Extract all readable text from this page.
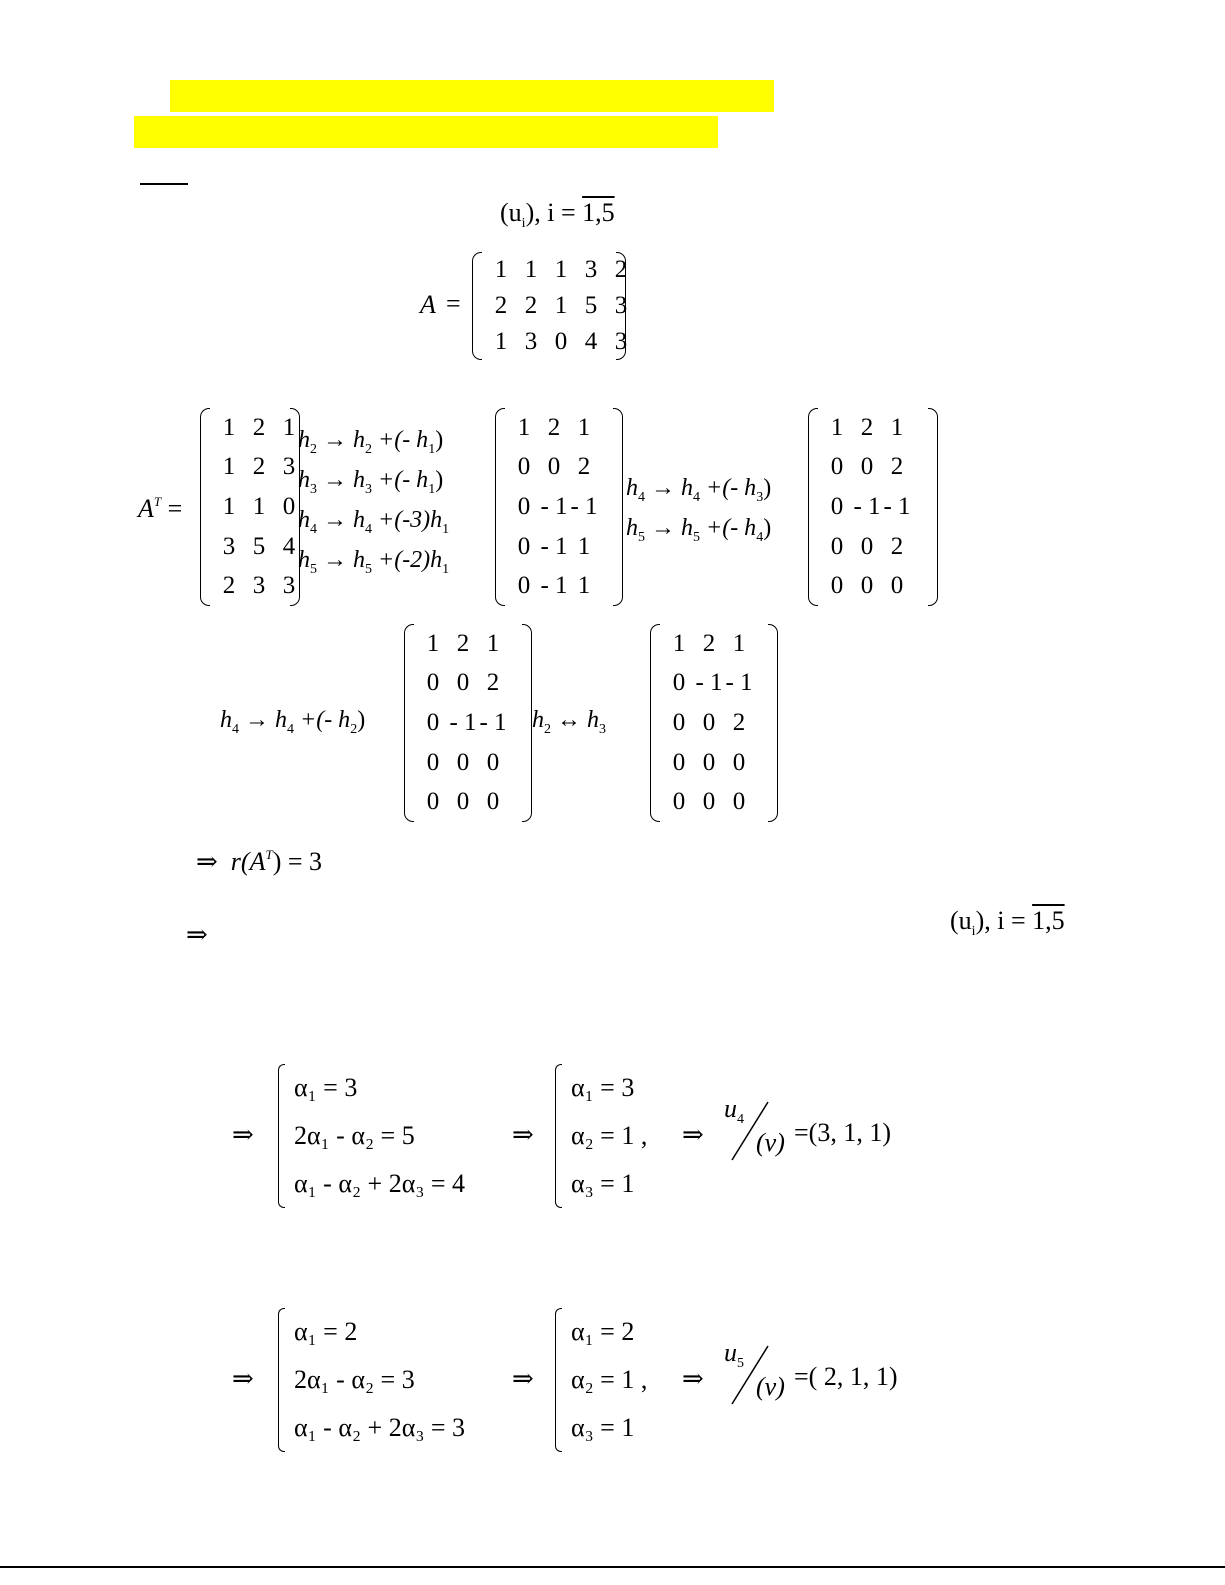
$(u_i)$, i = 1,5
A =
1	1	1	3	2
2	2	1	5	3
1	3	0	4	3
$A^T$ =
1	2	1
1	2	3
1	1	0
3	5	4
2	3	3
$h_2 \to h_2$ +(- $h_1$)
$h_3 \to h_3$ +(- $h_1$)
$h_4 \to h_4 +(-3)h_1$
$h_5 \to h_5 +(-2)h_1$
1	2	1
0	0	2
0	- 1	- 1
0	- 1	1
0	- 1	1
$h_4 \to h_4$ +(- $h_3$)
$h_5 \to h_5$ +(- $h_4$)
1	2	1
0	0	2
0	- 1	- 1
0	0	2
0	0	0
$h_4 \to h_4$ +(- $h_2$)
1	2	1
0	0	2
0	- 1	- 1
0	0	0
0	0	0
$h_2$ ↔ $h_3$
1	2	1
0	- 1	- 1
0	0	2
0	0	0
0	0	0
⇒ $r(A^T) = 3$
⇒	$(u_i)$, i = 1,5
⇒
α₁ = 3
2α₁ - α₂ = 5
α₁ - α₂ + 2α₃ = 4
⇒
α₁ = 3
α₂ = 1 ,
α₃ = 1
⇒
$u_4$
(v) =(3, 1, 1)
⇒
α₁ = 2
2α₁ - α₂ = 3
α₁ - α₂ + 2α₃ = 3
⇒
α₁ = 2
α₂ = 1 ,
α₃ = 1
⇒
$u_5$
(v) =( 2, 1, 1)
